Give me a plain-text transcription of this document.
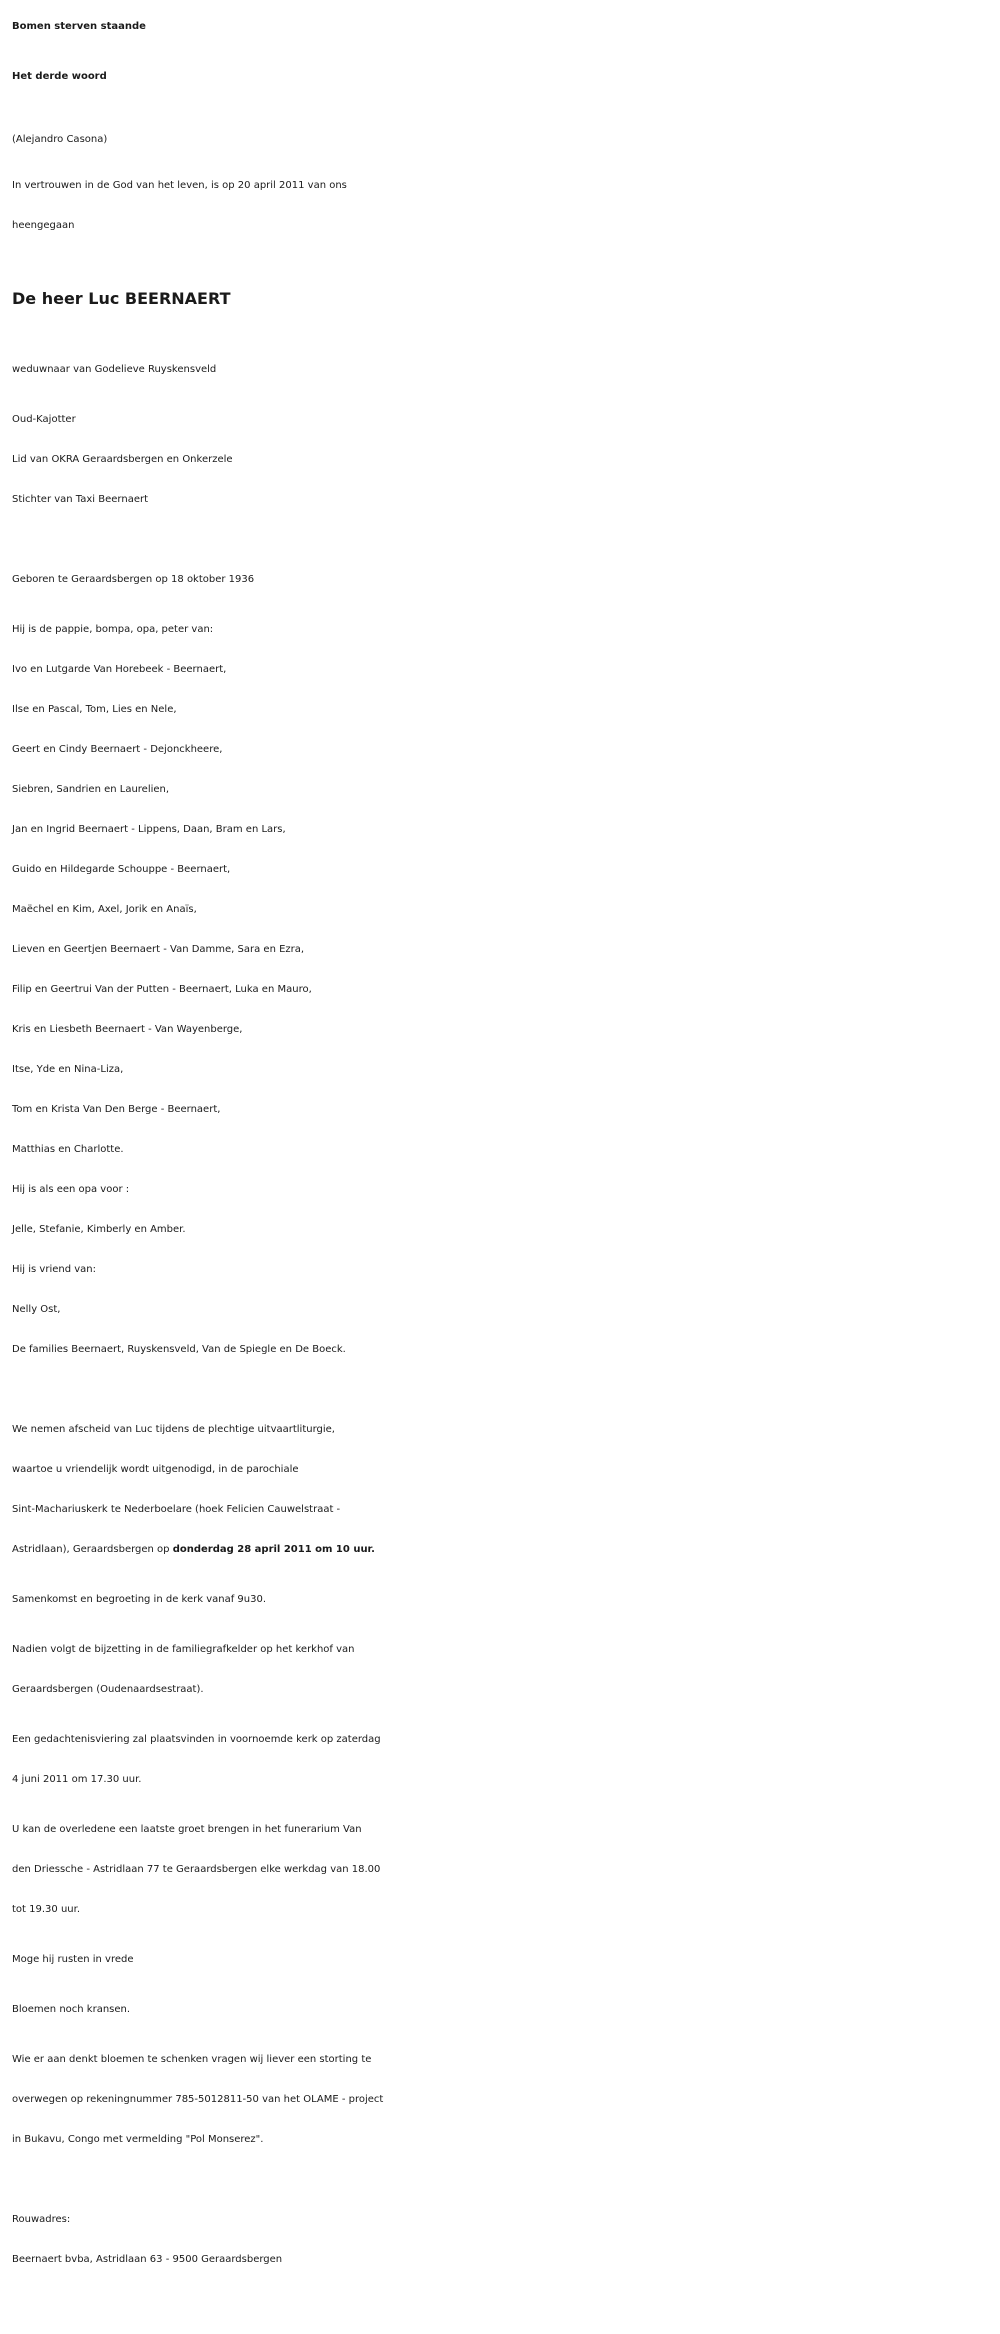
Bomen sterven staande
Het derde woord
(Alejandro Casona)
In vertrouwen in de God van het leven, is op 20 april 2011 van ons
heengegaan
De heer Luc BEERNAERT
weduwnaar van Godelieve Ruyskensveld
Oud-Kajotter
Lid van OKRA Geraardsbergen en Onkerzele
Stichter van Taxi Beernaert
Geboren te Geraardsbergen op 18 oktober 1936
Hij is de pappie, bompa, opa, peter van:
Ivo en Lutgarde Van Horebeek - Beernaert,
Ilse en Pascal, Tom, Lies en Nele,
Geert en Cindy Beernaert - Dejonckheere,
Siebren, Sandrien en Laurelien,
Jan en Ingrid Beernaert - Lippens, Daan, Bram en Lars,
Guido en Hildegarde Schouppe - Beernaert,
Maëchel en Kim, Axel, Jorik en Anaïs,
Lieven en Geertjen Beernaert - Van Damme, Sara en Ezra,
Filip en Geertrui Van der Putten - Beernaert, Luka en Mauro,
Kris en Liesbeth Beernaert - Van Wayenberge,
Itse, Yde en Nina-Liza,
Tom en Krista Van Den Berge - Beernaert,
Matthias en Charlotte.
Hij is als een opa voor :
Jelle, Stefanie, Kimberly en Amber.
Hij is vriend van:
Nelly Ost,
De families Beernaert, Ruyskensveld, Van de Spiegle en De Boeck.
We nemen afscheid van Luc tijdens de plechtige uitvaartliturgie,
waartoe u vriendelijk wordt uitgenodigd, in de parochiale
Sint-Machariuskerk te Nederboelare (hoek Felicien Cauwelstraat -
Astridlaan), Geraardsbergen op donderdag 28 april 2011 om 10 uur.
Samenkomst en begroeting in de kerk vanaf 9u30.
Nadien volgt de bijzetting in de familiegrafkelder op het kerkhof van
Geraardsbergen (Oudenaardsestraat).
Een gedachtenisviering zal plaatsvinden in voornoemde kerk op zaterdag
4 juni 2011 om 17.30 uur.
U kan de overledene een laatste groet brengen in het funerarium Van
den Driessche - Astridlaan 77 te Geraardsbergen elke werkdag van 18.00
tot 19.30 uur.
Moge hij rusten in vrede
Bloemen noch kransen.
Wie er aan denkt bloemen te schenken vragen wij liever een storting te
overwegen op rekeningnummer 785-5012811-50 van het OLAME - project
in Bukavu, Congo met vermelding "Pol Monserez".
Rouwadres:
Beernaert bvba, Astridlaan 63 - 9500 Geraardsbergen
